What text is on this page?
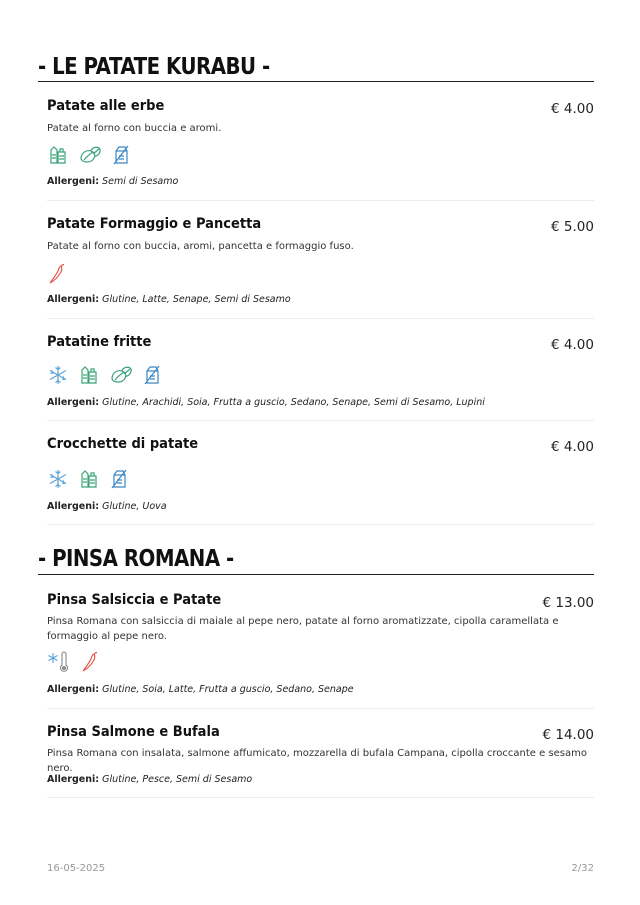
- LE PATATE KURABU -
Patate alle erbe	€ 4.00
Patate al forno con buccia e aromi.
Allergeni: Semi di Sesamo
Patate Formaggio e Pancetta	€ 5.00
Patate al forno con buccia, aromi, pancetta e formaggio fuso.
Allergeni: Glutine, Latte, Senape, Semi di Sesamo
Patatine fritte	€ 4.00
Allergeni: Glutine, Arachidi, Soia, Frutta a guscio, Sedano, Senape, Semi di Sesamo, Lupini
Crocchette di patate	€ 4.00
Allergeni: Glutine, Uova
- PINSA ROMANA -
Pinsa Salsiccia e Patate	€ 13.00
Pinsa Romana con salsiccia di maiale al pepe nero, patate al forno aromatizzate, cipolla caramellata e formaggio al pepe nero.
Allergeni: Glutine, Soia, Latte, Frutta a guscio, Sedano, Senape
Pinsa Salmone e Bufala	€ 14.00
Pinsa Romana con insalata, salmone affumicato, mozzarella di bufala Campana, cipolla croccante e sesamo nero.
Allergeni: Glutine, Pesce, Semi di Sesamo
16-05-2025	2/32
